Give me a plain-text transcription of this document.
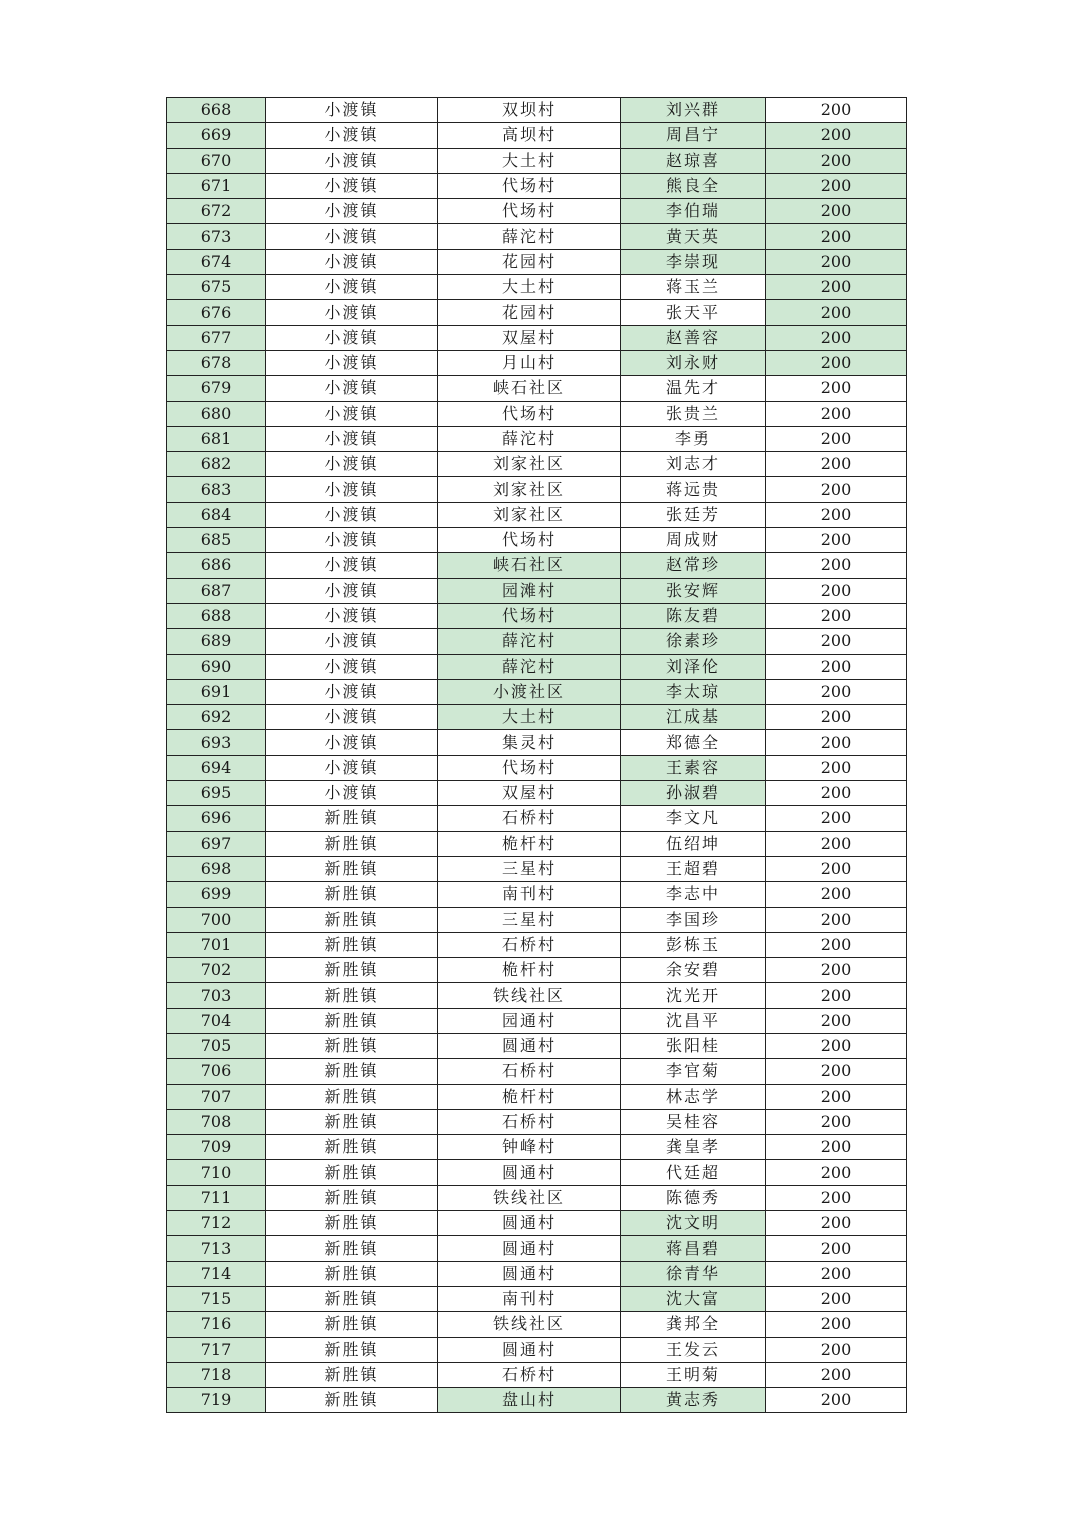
668	小渡镇	双坝村	刘兴群	200
669	小渡镇	高坝村	周昌宁	200
670	小渡镇	大土村	赵琼喜	200
671	小渡镇	代场村	熊良全	200
672	小渡镇	代场村	李伯瑞	200
673	小渡镇	薛沱村	黄天英	200
674	小渡镇	花园村	李崇现	200
675	小渡镇	大土村	蒋玉兰	200
676	小渡镇	花园村	张天平	200
677	小渡镇	双屋村	赵善容	200
678	小渡镇	月山村	刘永财	200
679	小渡镇	峡石社区	温先才	200
680	小渡镇	代场村	张贵兰	200
681	小渡镇	薛沱村	李勇	200
682	小渡镇	刘家社区	刘志才	200
683	小渡镇	刘家社区	蒋远贵	200
684	小渡镇	刘家社区	张廷芳	200
685	小渡镇	代场村	周成财	200
686	小渡镇	峡石社区	赵常珍	200
687	小渡镇	园滩村	张安辉	200
688	小渡镇	代场村	陈友碧	200
689	小渡镇	薛沱村	徐素珍	200
690	小渡镇	薛沱村	刘泽伦	200
691	小渡镇	小渡社区	李太琼	200
692	小渡镇	大土村	江成基	200
693	小渡镇	集灵村	郑德全	200
694	小渡镇	代场村	王素容	200
695	小渡镇	双屋村	孙淑碧	200
696	新胜镇	石桥村	李文凡	200
697	新胜镇	桅杆村	伍绍坤	200
698	新胜镇	三星村	王超碧	200
699	新胜镇	南刊村	李志中	200
700	新胜镇	三星村	李国珍	200
701	新胜镇	石桥村	彭栋玉	200
702	新胜镇	桅杆村	余安碧	200
703	新胜镇	铁线社区	沈光开	200
704	新胜镇	园通村	沈昌平	200
705	新胜镇	圆通村	张阳桂	200
706	新胜镇	石桥村	李官菊	200
707	新胜镇	桅杆村	林志学	200
708	新胜镇	石桥村	吴桂容	200
709	新胜镇	钟峰村	龚皇孝	200
710	新胜镇	圆通村	代廷超	200
711	新胜镇	铁线社区	陈德秀	200
712	新胜镇	圆通村	沈文明	200
713	新胜镇	圆通村	蒋昌碧	200
714	新胜镇	圆通村	徐青华	200
715	新胜镇	南刊村	沈大富	200
716	新胜镇	铁线社区	龚邦全	200
717	新胜镇	圆通村	王发云	200
718	新胜镇	石桥村	王明菊	200
719	新胜镇	盘山村	黄志秀	200
